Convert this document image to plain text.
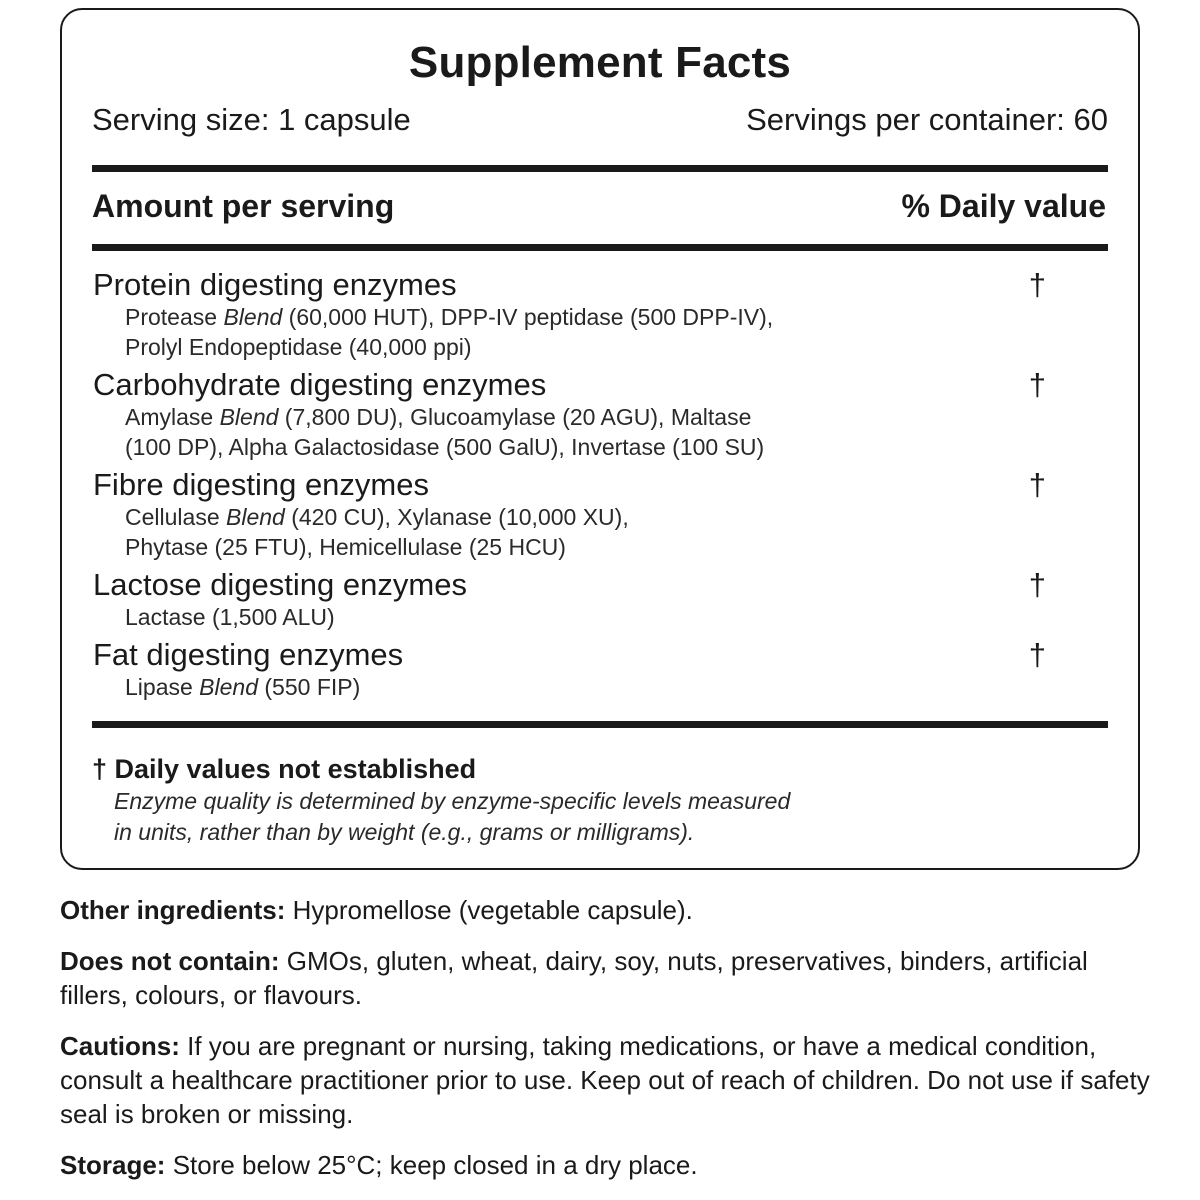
Supplement Facts
Serving size: 1 capsule	Servings per container: 60
Amount per serving	% Daily value
Protein digesting enzymes	†
Protease Blend (60,000 HUT), DPP-IV peptidase (500 DPP-IV),
Prolyl Endopeptidase (40,000 ppi)
Carbohydrate digesting enzymes	†
Amylase Blend (7,800 DU), Glucoamylase (20 AGU), Maltase
(100 DP), Alpha Galactosidase (500 GalU), Invertase (100 SU)
Fibre digesting enzymes	†
Cellulase Blend (420 CU), Xylanase (10,000 XU),
Phytase (25 FTU), Hemicellulase (25 HCU)
Lactose digesting enzymes	†
Lactase (1,500 ALU)
Fat digesting enzymes	†
Lipase Blend (550 FIP)
† Daily values not established
Enzyme quality is determined by enzyme-specific levels measured
in units, rather than by weight (e.g., grams or milligrams).
Other ingredients: Hypromellose (vegetable capsule).
Does not contain: GMOs, gluten, wheat, dairy, soy, nuts, preservatives, binders, artificial fillers, colours, or flavours.
Cautions: If you are pregnant or nursing, taking medications, or have a medical condition, consult a healthcare practitioner prior to use. Keep out of reach of children. Do not use if safety seal is broken or missing.
Storage: Store below 25°C; keep closed in a dry place.
